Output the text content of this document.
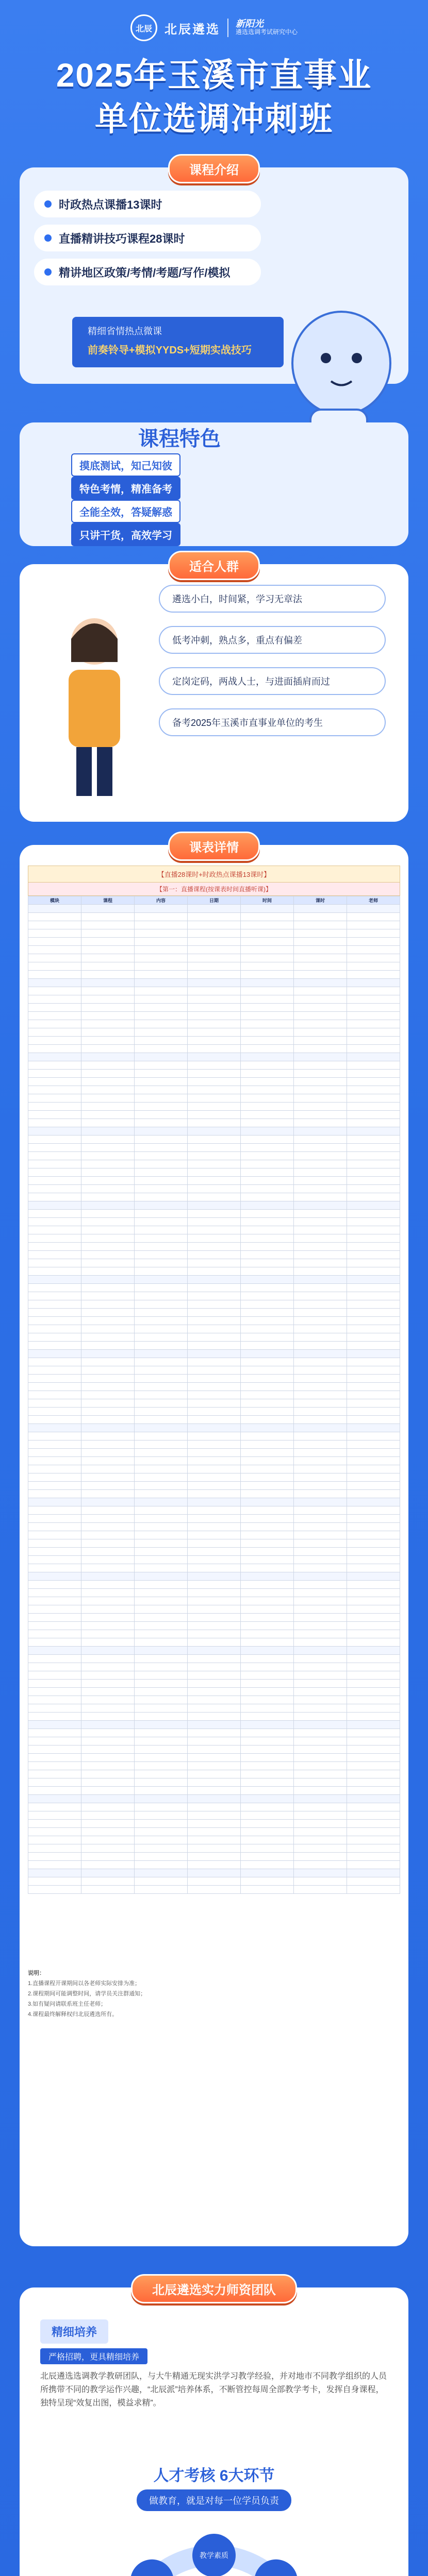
北辰	北辰遴选 新阳光
遴选选调考试研究中心
2025年玉溪市直事业
单位选调冲刺班
课程介绍
时政热点课播13课时
直播精讲技巧课程28课时
精讲地区政策/考情/考题/写作/模拟
精细省情热点微课
前奏铃导+模拟YYDS+短期实战技巧
课程特色
摸底测试，知己知彼
特色考情，精准备考
全能全效，答疑解惑
只讲干货，高效学习
适合人群
遴选小白，时间紧，学习无章法
低考冲刺，熟点多，重点有偏差
定岗定码，两战人士，与进面插肩而过
备考2025年玉溪市直事业单位的考生
课表详情
【直播28课时+时政热点课播13课时】
【第一：直播课程(按课表时间直播听课)】
模块	课程	内容	日期	时间	课时	老师

说明：
1.直播课程开课期间以各老师实际安排为准；
2.课程期间可能调整时间，请学员关注群通知；
3.如有疑问请联系班主任老师；
4.课程最终解释权归北辰遴选所有。
北辰遴选实力师资团队
精细培养
严格招聘，更具精细培养
北辰遴选选调教学教研团队，与大牛精通无现实洪学习教学经验，并对地市不同教学组织的人员所携带不同的教学运作兴趣，“北辰派”培养体系，不断管控每周全部教学考卡，发挥自身课程，独特呈现“效复出图，模益求精”。
人才考核 6大环节
做教育，就是对每一位学员负责
教学素质
